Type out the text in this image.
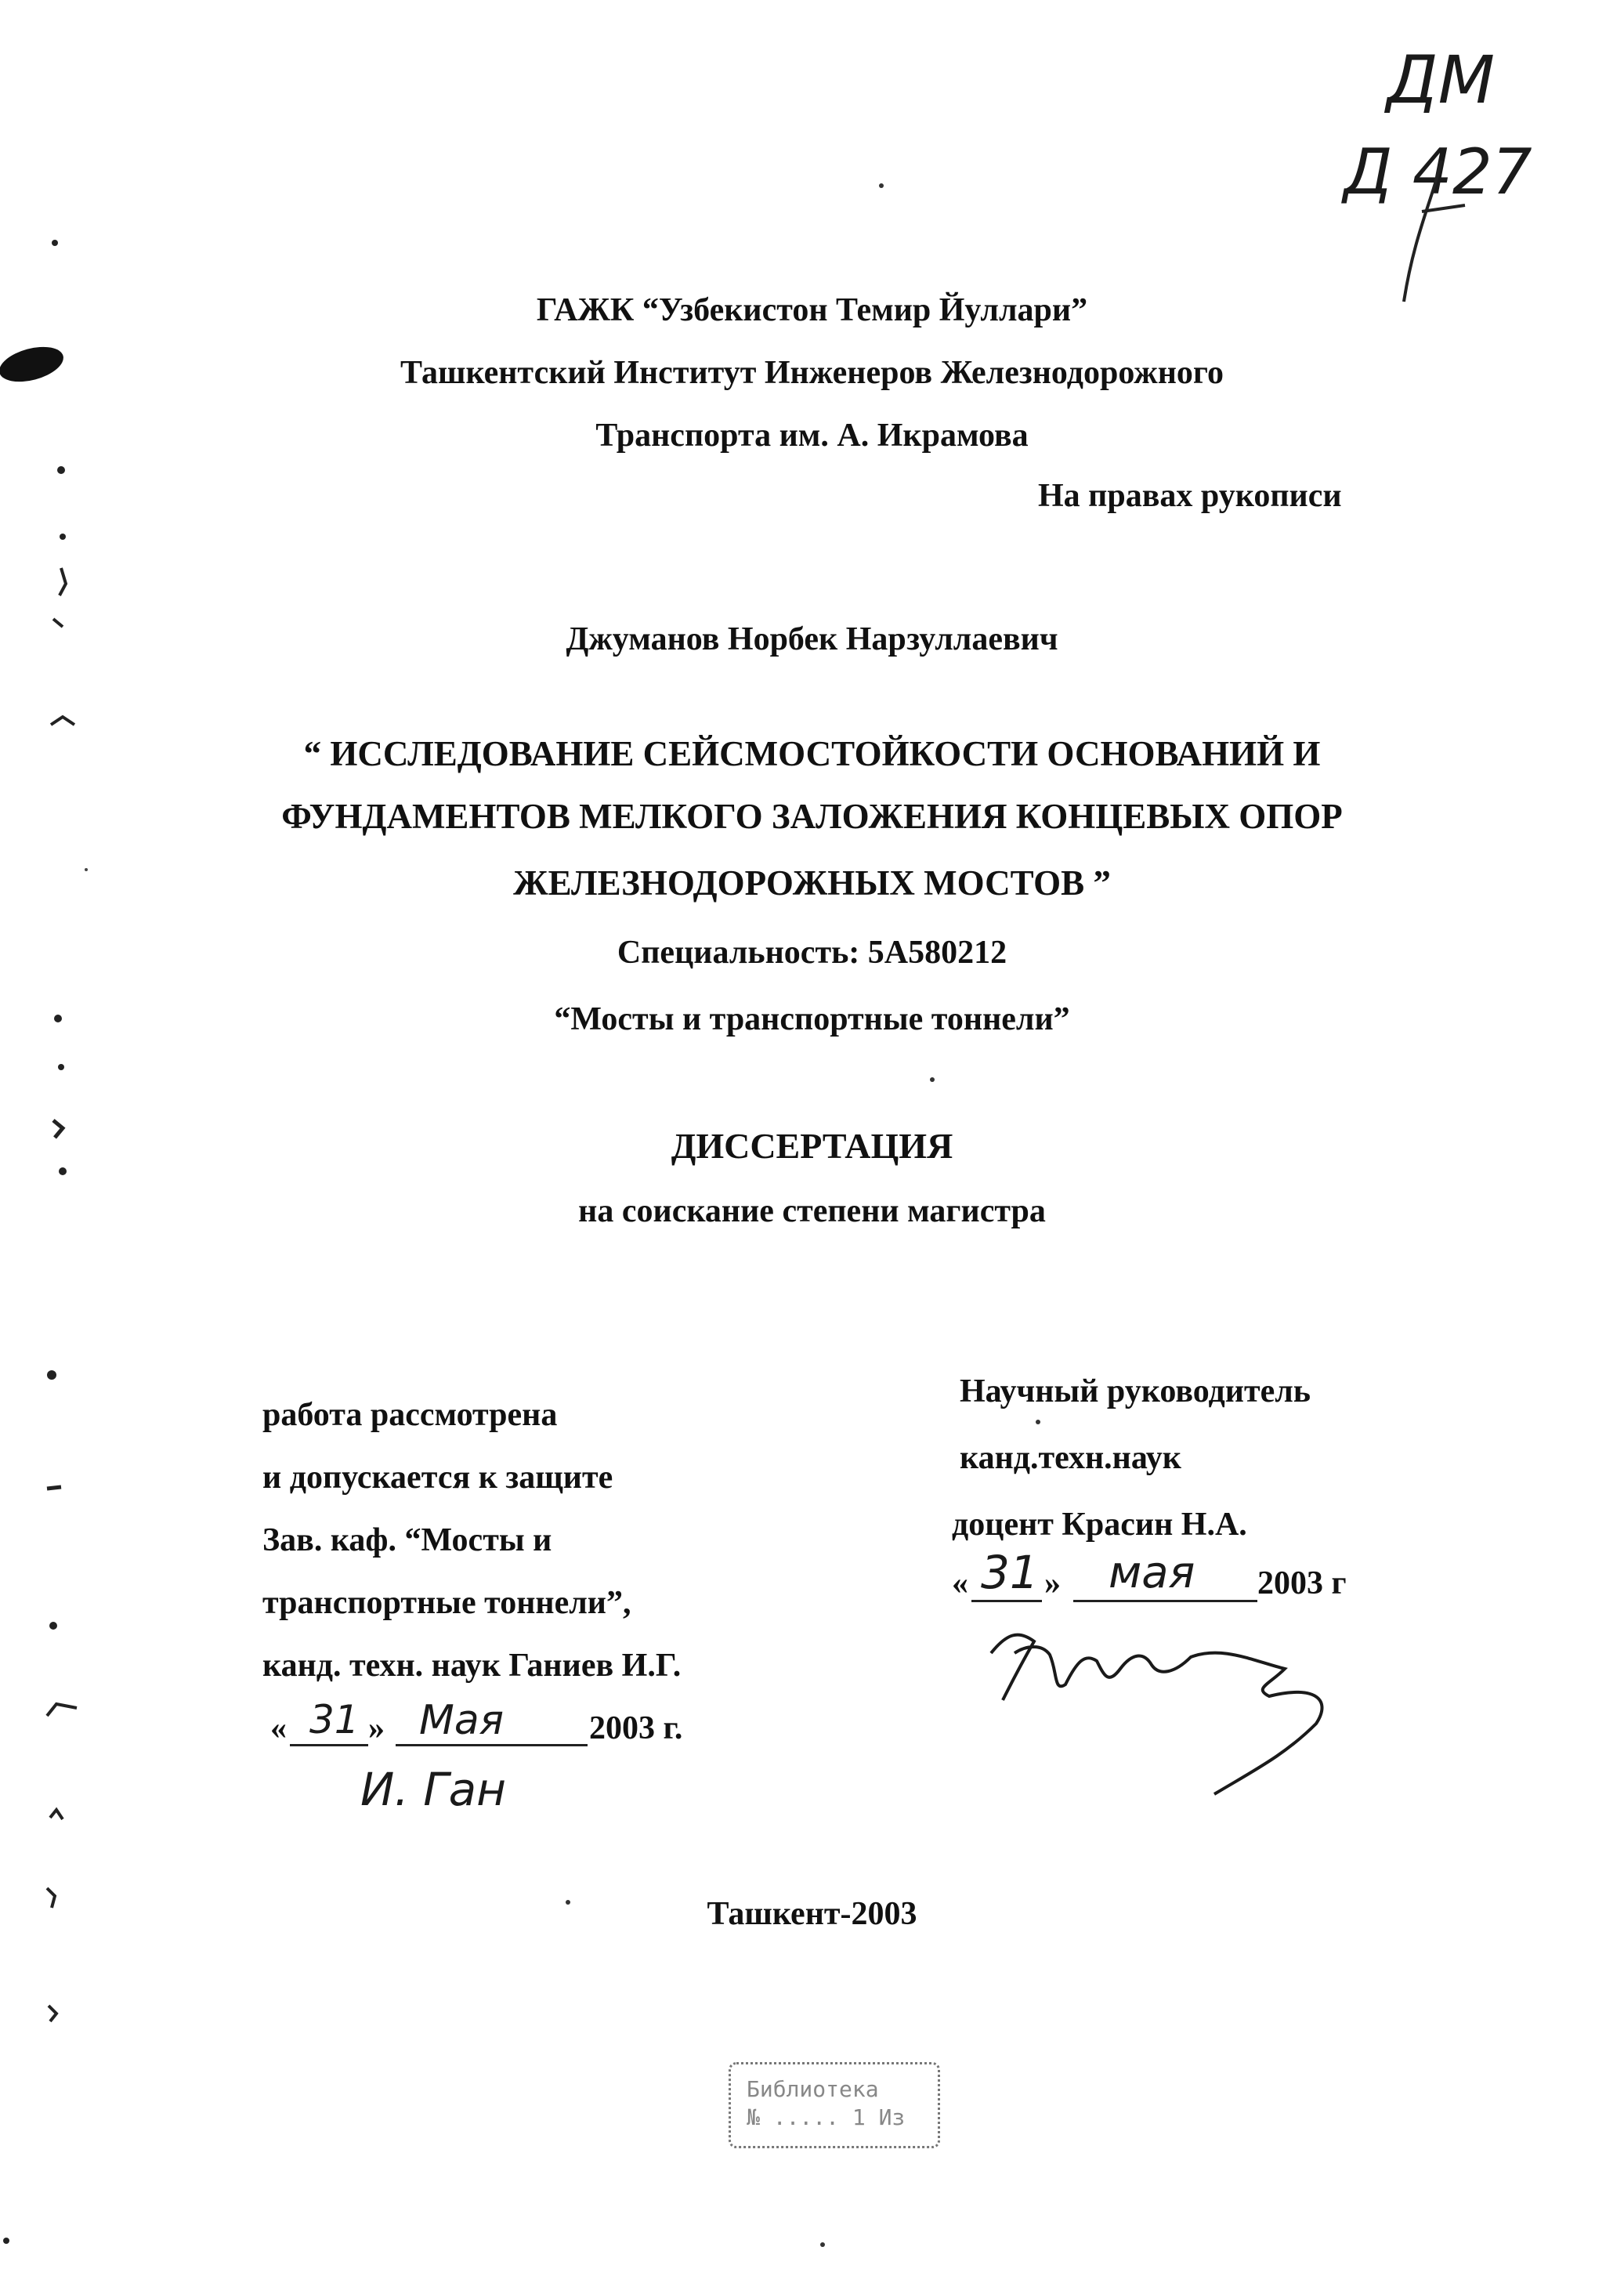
ДМ
Д 427
ГАЖК “Узбекистон Темир Йуллари”
Ташкентский Институт Инженеров Железнодорожного
Транспорта им. А. Икрамова
На правах рукописи
Джуманов Норбек Нарзуллаевич
“ ИССЛЕДОВАНИЕ СЕЙСМОСТОЙКОСТИ ОСНОВАНИЙ И
ФУНДАМЕНТОВ МЕЛКОГО ЗАЛОЖЕНИЯ КОНЦЕВЫХ ОПОР
ЖЕЛЕЗНОДОРОЖНЫХ МОСТОВ ”
Специальность: 5А580212
“Мосты и транспортные тоннели”
ДИССЕРТАЦИЯ
на соискание степени магистра
работа рассмотрена
и допускается к защите
Зав. каф. “Мосты и
транспортные тоннели”,
канд. техн. наук Ганиев И.Г.
« 31 » Мая	2003 г.
И. Ган
Научный руководитель
канд.техн.наук
доцент Красин Н.А.
« 31 » мая 2003 г
Ташкент-2003
Библиотека
№ ..... 1 Из
